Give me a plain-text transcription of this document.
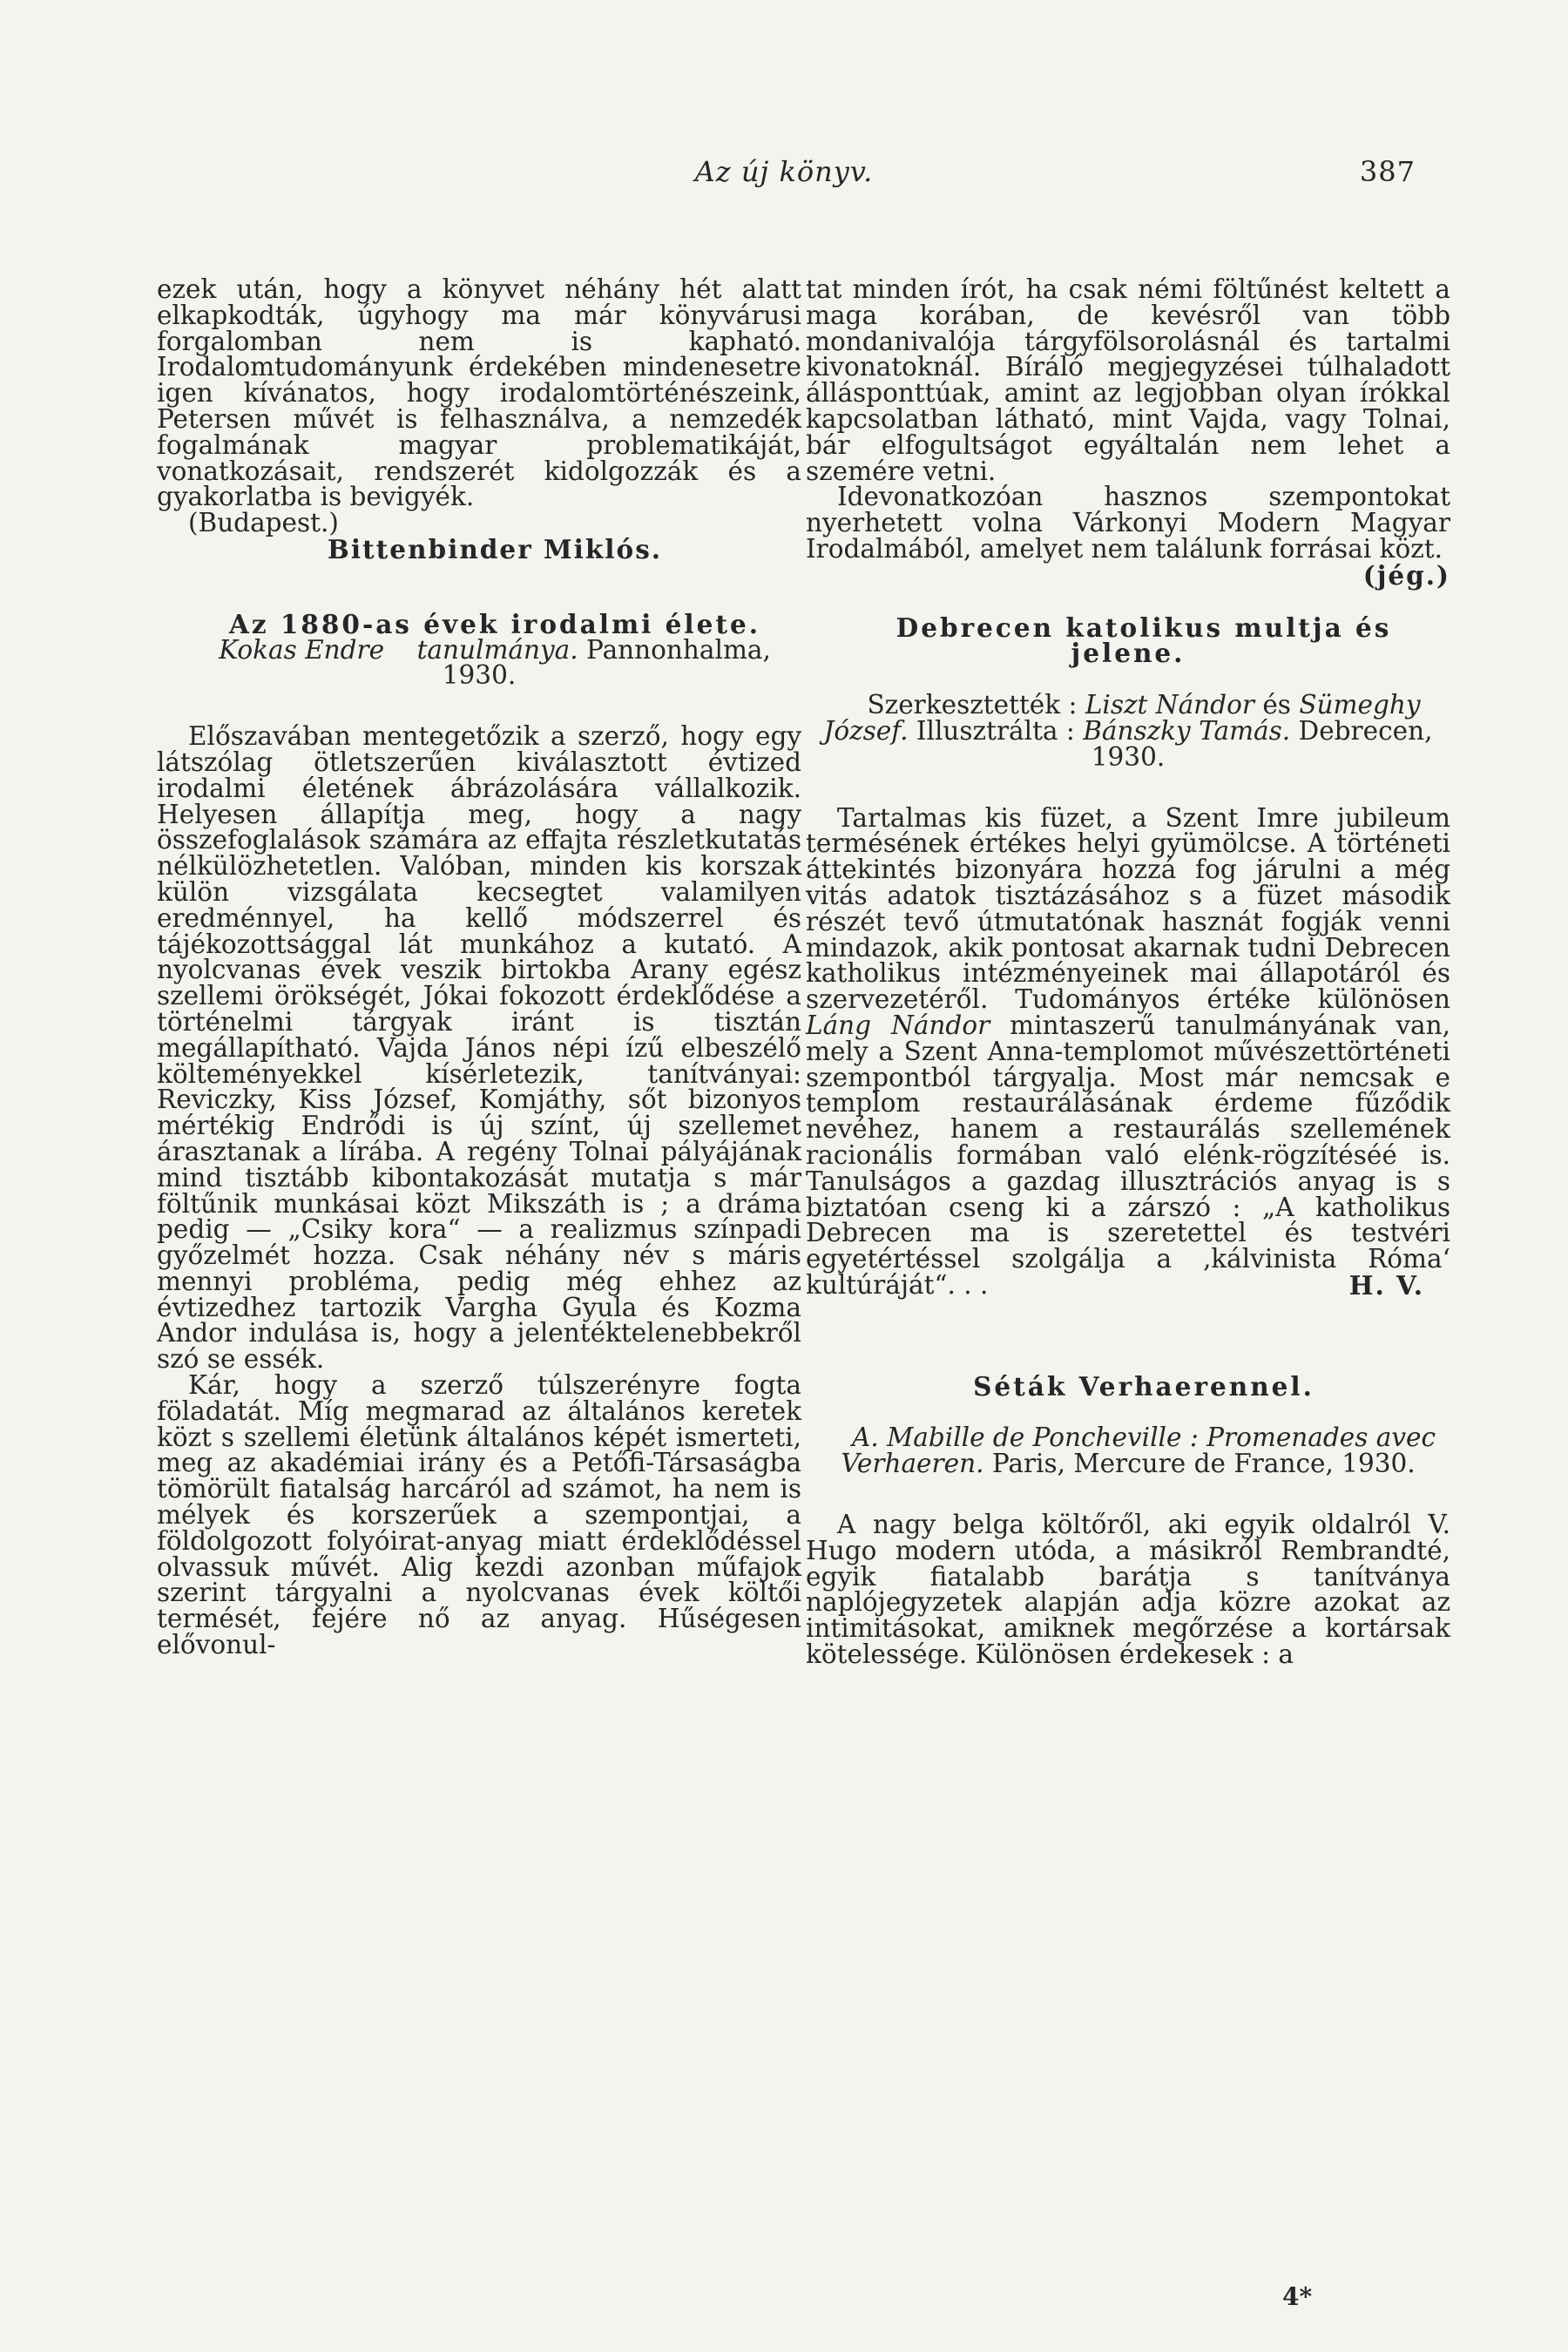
Az új könyv.	387

ezek után, hogy a könyvet néhány hét alatt elkapkodták, úgyhogy ma már könyvárusi forgalomban nem is kapható. Irodalomtudományunk érdekében mindenesetre igen kívánatos, hogy irodalomtörténészeink, Petersen művét is felhasználva, a nemzedék fogalmának magyar problematikáját, vonatkozásait, rendszerét kidolgozzák és a gyakorlatba is bevigyék.

(Budapest.)

Bittenbinder Miklós.

Az 1880-as évek irodalmi élete.

Kokas Endre tanulmánya. Pannonhalma, 1930.

Előszavában mentegetőzik a szerző, hogy egy látszólag ötletszerűen kiválasztott évtized irodalmi életének ábrázolására vállalkozik. Helyesen állapítja meg, hogy a nagy összefoglalások számára az effajta részletkutatás nélkülözhetetlen. Valóban, minden kis korszak külön vizsgálata kecsegtet valamilyen eredménnyel, ha kellő módszerrel és tájékozottsággal lát munkához a kutató. A nyolcvanas évek veszik birtokba Arany egész szellemi örökségét, Jókai fokozott érdeklődése a történelmi tárgyak iránt is tisztán megállapítható. Vajda János népi ízű elbeszélő költeményekkel kísérletezik, tanítványai: Reviczky, Kiss József, Komjáthy, sőt bizonyos mértékig Endrődi is új színt, új szellemet árasztanak a lírába. A regény Tolnai pályájának mind tisztább kibontakozását mutatja s már föltűnik munkásai közt Mikszáth is ; a dráma pedig — „Csiky kora“ — a realizmus színpadi győzelmét hozza. Csak néhány név s máris mennyi probléma, pedig még ehhez az évtizedhez tartozik Vargha Gyula és Kozma Andor indulása is, hogy a jelentéktelenebbekről szó se essék.

Kár, hogy a szerző túlszerényre fogta föladatát. Míg megmarad az általános keretek közt s szellemi életünk általános képét ismerteti, meg az akadémiai irány és a Petőfi-Társaságba tömörült fiatalság harcáról ad számot, ha nem is mélyek és korszerűek a szempontjai, a földolgozott folyóirat-anyag miatt érdeklődéssel olvassuk művét. Alig kezdi azonban műfajok szerint tárgyalni a nyolcvanas évek költői termését, fejére nő az anyag. Hűségesen elővonul-

tat minden írót, ha csak némi föltűnést keltett a maga korában, de kevésről van több mondanivalója tárgyfölsorolásnál és tartalmi kivonatoknál. Bíráló megjegyzései túlhaladott állásponttúak, amint az legjobban olyan írókkal kapcsolatban látható, mint Vajda, vagy Tolnai, bár elfogultságot egyáltalán nem lehet a szemére vetni.

Idevonatkozóan hasznos szempontokat nyerhetett volna Várkonyi Modern Magyar Irodalmából, amelyet nem találunk forrásai közt.

(jég.)

Debrecen katolikus multja és jelene.

Szerkesztették : Liszt Nándor és Sümeghy József. Illusztrálta : Bánszky Tamás. Debrecen, 1930.

Tartalmas kis füzet, a Szent Imre jubileum termésének értékes helyi gyümölcse. A történeti áttekintés bizonyára hozzá fog járulni a még vitás adatok tisztázásához s a füzet második részét tevő útmutatónak hasznát fogják venni mindazok, akik pontosat akarnak tudni Debrecen katholikus intézményeinek mai állapotáról és szervezetéről. Tudományos értéke különösen Láng Nándor mintaszerű tanulmányának van, mely a Szent Anna-templomot művészettörténeti szempontból tárgyalja. Most már nemcsak e templom restaurálásának érdeme fűződik nevéhez, hanem a restaurálás szellemének racionális formában való elénk-rögzítéséé is. Tanulságos a gazdag illusztrációs anyag is s biztatóan cseng ki a zárszó : „A katholikus Debrecen ma is szeretettel és testvéri egyetértéssel szolgálja a ‚kálvinista Róma‘ kultúráját“. . .	H. V.

Séták Verhaerennel.

A. Mabille de Poncheville : Promenades avec Verhaeren. Paris, Mercure de France, 1930.

A nagy belga költőről, aki egyik oldalról V. Hugo modern utóda, a másikról Rembrandté, egyik fiatalabb barátja s tanítványa naplójegyzetek alapján adja közre azokat az intimitásokat, amiknek megőrzése a kortársak kötelessége. Különösen érdekesek : a

4*
